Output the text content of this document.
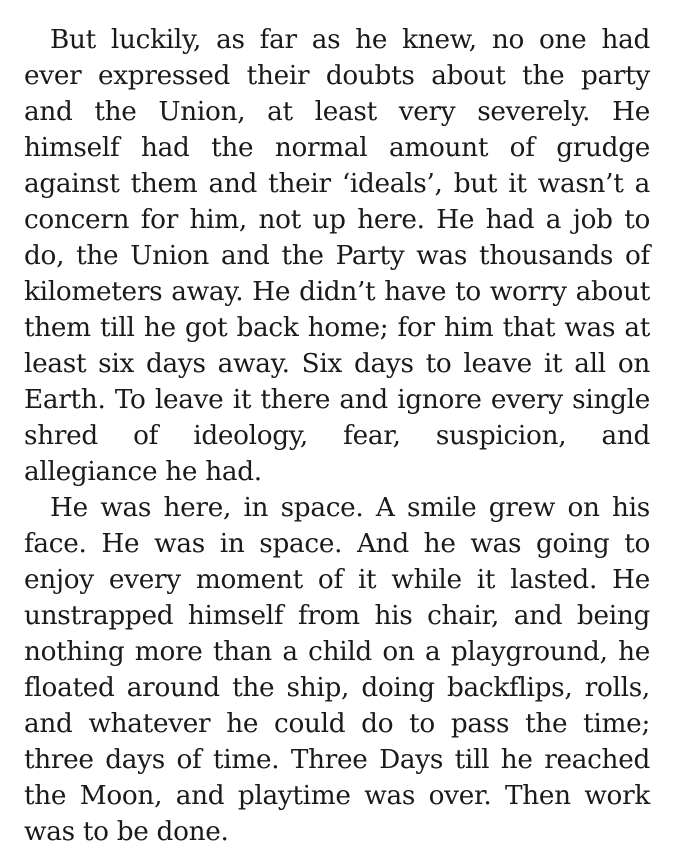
But luckily, as far as he knew, no one had ever expressed their doubts about the party and the Union, at least very severely. He himself had the normal amount of grudge against them and their ‘ideals’, but it wasn’t a concern for him, not up here. He had a job to do, the Union and the Party was thousands of kilometers away. He didn’t have to worry about them till he got back home; for him that was at least six days away. Six days to leave it all on Earth. To leave it there and ignore every single shred of ideology, fear, suspicion, and allegiance he had.

He was here, in space. A smile grew on his face. He was in space. And he was going to enjoy every moment of it while it lasted. He unstrapped himself from his chair, and being nothing more than a child on a playground, he floated around the ship, doing backflips, rolls, and whatever he could do to pass the time; three days of time. Three Days till he reached the Moon, and playtime was over. Then work was to be done.
